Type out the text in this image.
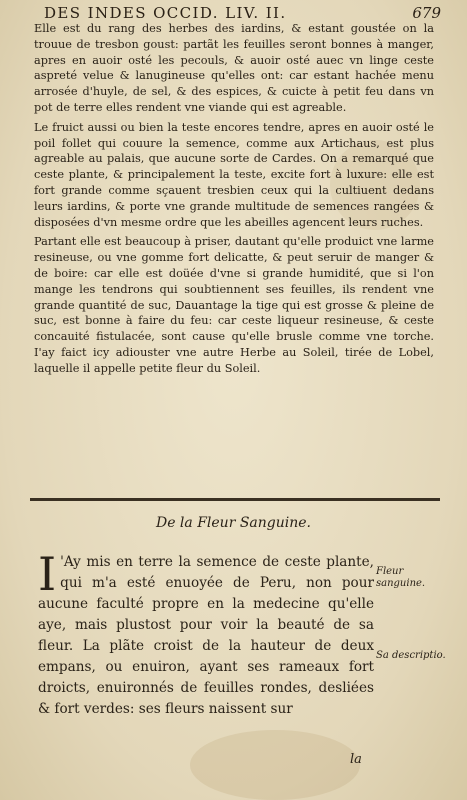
DES INDES OCCID. LIV. II.	679

Elle est du rang des herbes des iardins, & estant goustée on la trouue de tresbon goust: partãt les feuilles seront bonnes à manger, apres en auoir osté les pecouls, & auoir osté auec vn linge ceste aspreté velue & lanugineuse qu'elles ont: car estant hachée menu arrosée d'huyle, de sel, & des espices, & cuicte à petit feu dans vn pot de terre elles rendent vne viande qui est agreable.

Le fruict aussi ou bien la teste encores tendre, apres en auoir osté le poil follet qui couure la semence, comme aux Artichaus, est plus agreable au palais, que aucune sorte de Cardes. On a remarqué que ceste plante, & principalement la teste, excite fort à luxure: elle est fort grande comme sçauent tresbien ceux qui la cultiuent dedans leurs iardins, & porte vne grande multitude de semences rangées & disposées d'vn mesme ordre que les abeilles agencent leurs ruches.

Partant elle est beaucoup à priser, dautant qu'elle produict vne larme resineuse, ou vne gomme fort delicatte, & peut seruir de manger & de boire: car elle est doüée d'vne si grande humidité, que si l'on mange les tendrons qui soubtiennent ses feuilles, ils rendent vne grande quantité de suc, Dauantage la tige qui est grosse & pleine de suc, est bonne à faire du feu: car ceste liqueur resineuse, & ceste concauité fistulacée, sont cause qu'elle brusle comme vne torche. I'ay faict icy adiouster vne autre Herbe au Soleil, tirée de Lobel, laquelle il appelle petite fleur du Soleil.

De la Fleur Sanguine.

I 'Ay mis en terre la semence de ceste plante, qui m'a esté enuoyée de Peru, non pour aucune faculté propre en la medecine qu'elle aye, mais plustost pour voir la beauté de sa fleur. La plãte croist de la hauteur de deux empans, ou enuiron, ayant ses rameaux fort droicts, enuironnés de feuilles rondes, desliées & fort verdes: ses fleurs naissent sur

Fleur sanguine.
Sa descriptio.
la
